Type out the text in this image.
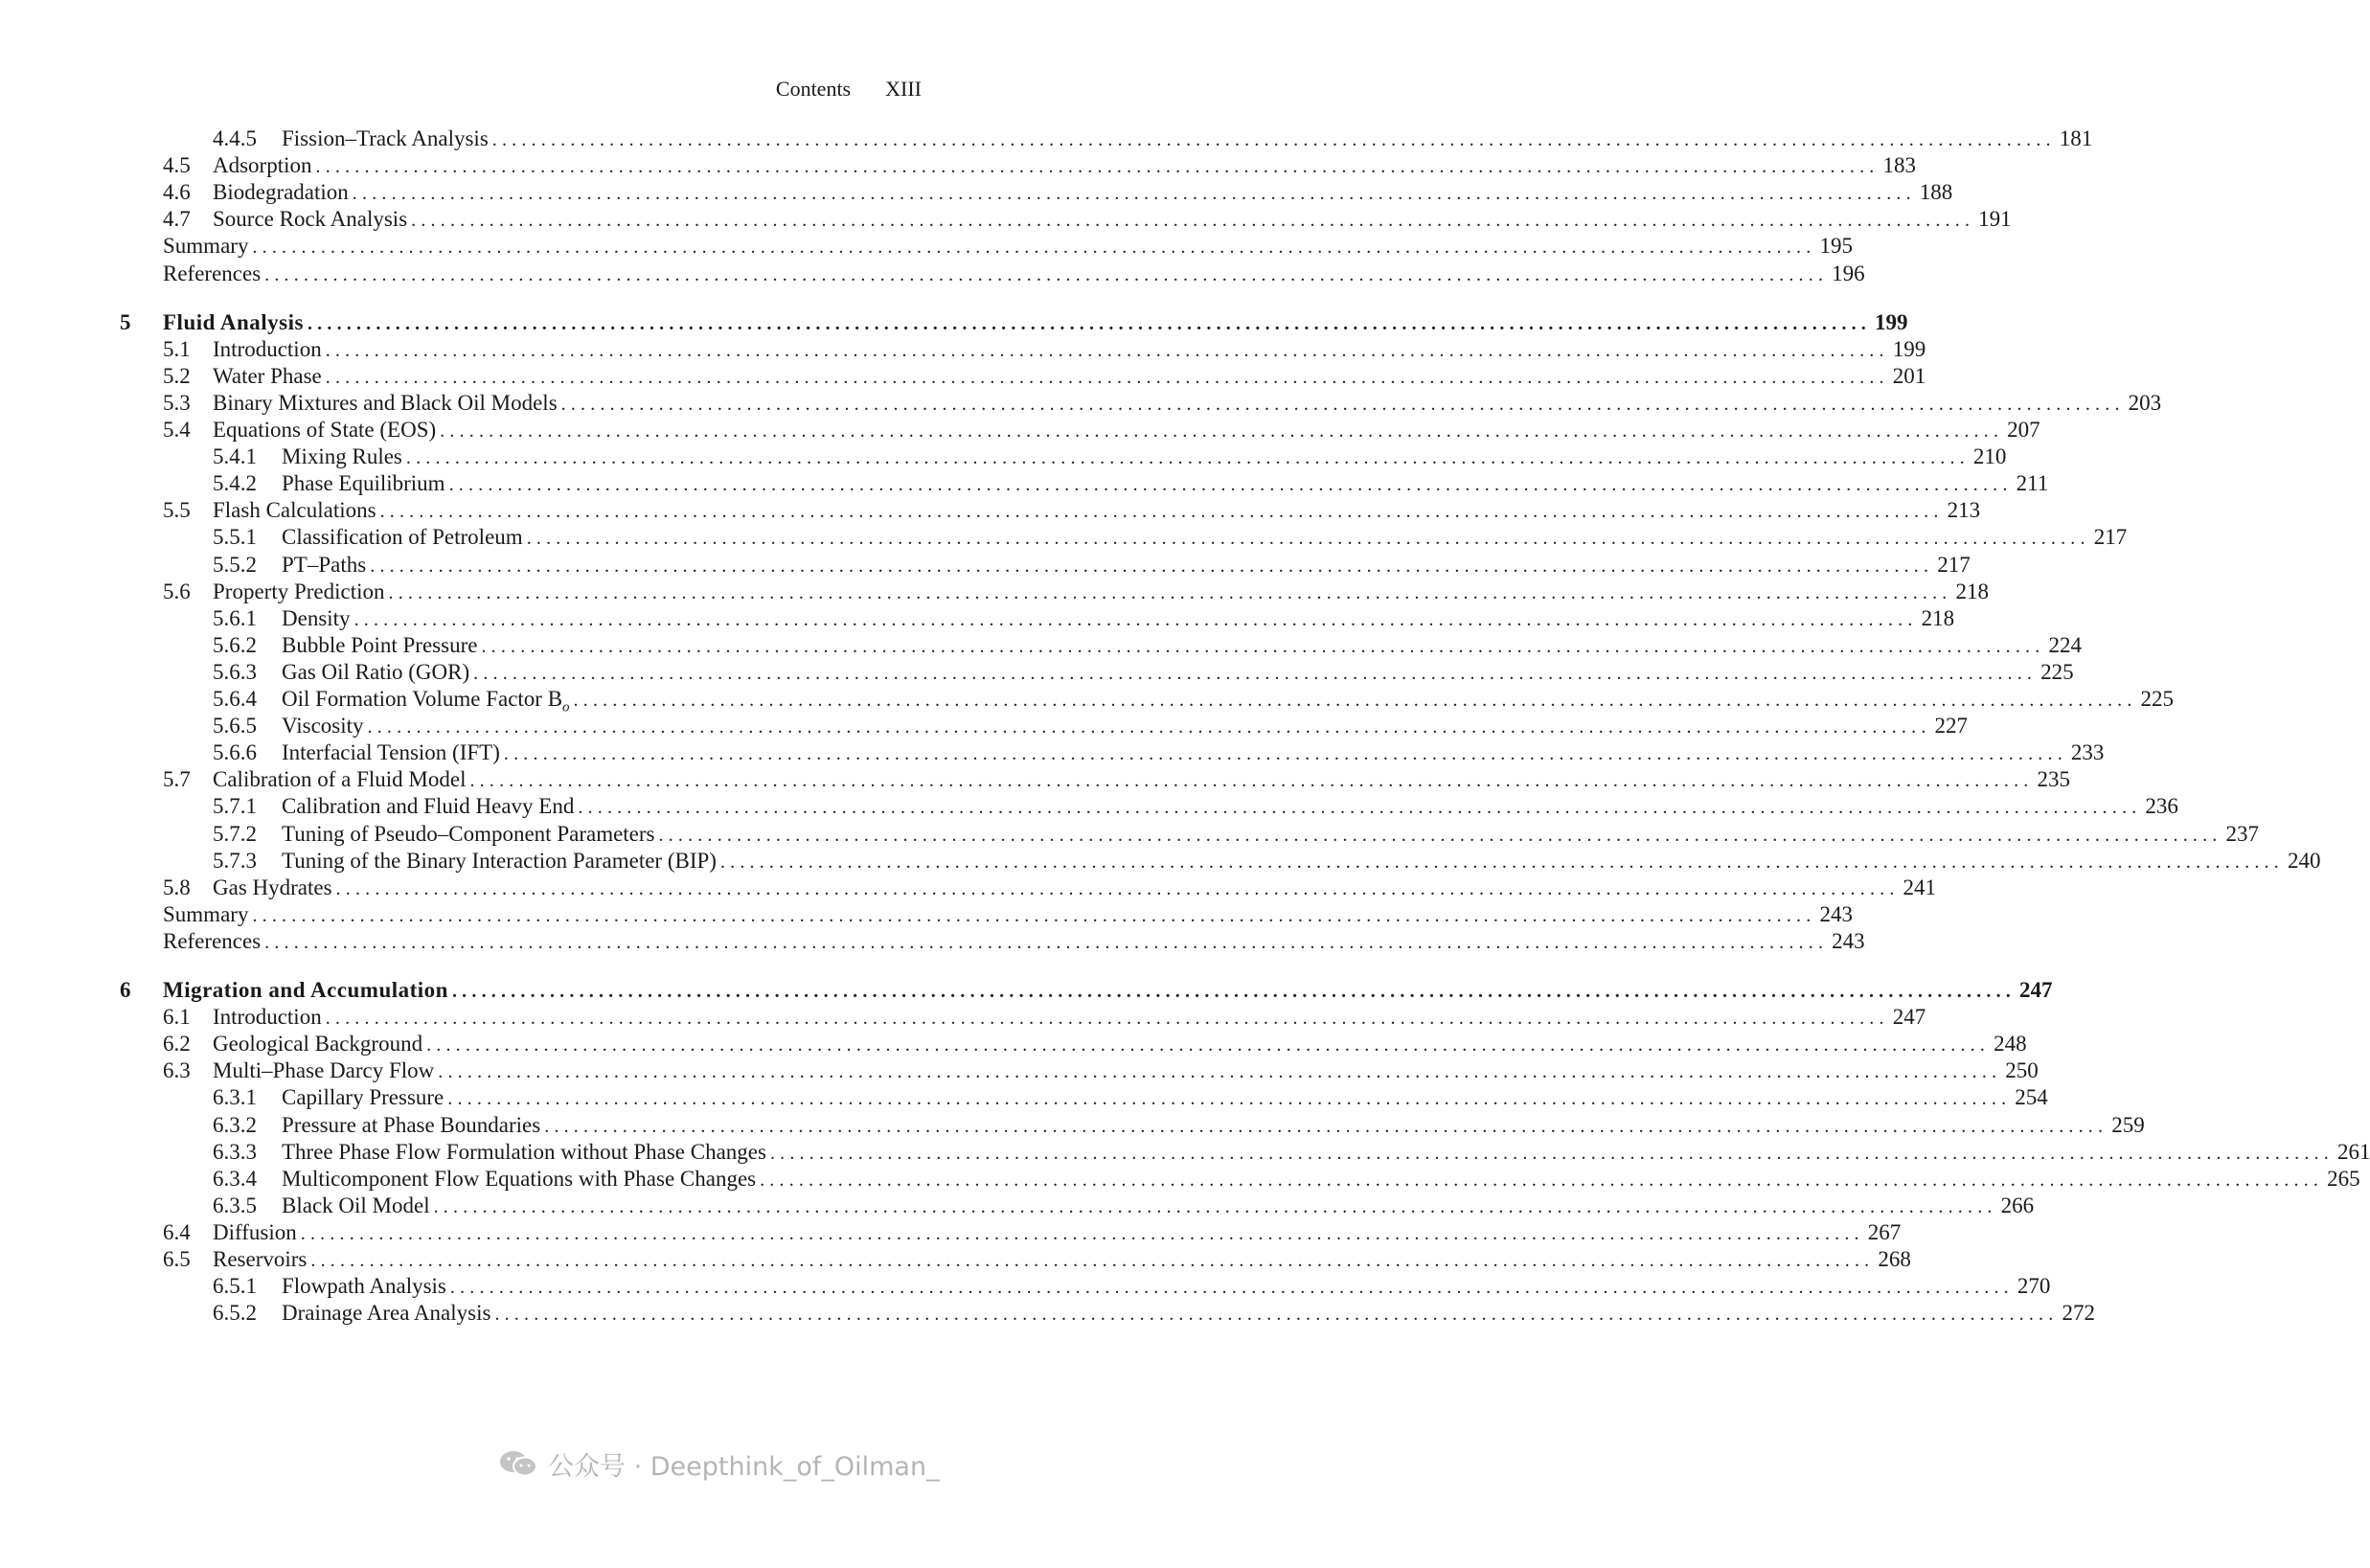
Contents XIII
4.4.5	Fission–Track Analysis ................................................................................................................................................................ 181
4.5	Adsorption ................................................................................................................................................................ 183
4.6	Biodegradation ................................................................................................................................................................ 188
4.7	Source Rock Analysis ................................................................................................................................................................ 191
Summary ................................................................................................................................................................ 195
References ................................................................................................................................................................ 196
5	Fluid Analysis ................................................................................................................................................................ 199
5.1	Introduction ................................................................................................................................................................ 199
5.2	Water Phase ................................................................................................................................................................ 201
5.3	Binary Mixtures and Black Oil Models ................................................................................................................................................................ 203
5.4	Equations of State (EOS) ................................................................................................................................................................ 207
5.4.1	Mixing Rules ................................................................................................................................................................ 210
5.4.2	Phase Equilibrium ................................................................................................................................................................ 211
5.5	Flash Calculations ................................................................................................................................................................ 213
5.5.1	Classification of Petroleum ................................................................................................................................................................ 217
5.5.2	PT–Paths ................................................................................................................................................................ 217
5.6	Property Prediction ................................................................................................................................................................ 218
5.6.1	Density ................................................................................................................................................................ 218
5.6.2	Bubble Point Pressure ................................................................................................................................................................ 224
5.6.3	Gas Oil Ratio (GOR) ................................................................................................................................................................ 225
5.6.4	Oil Formation Volume Factor $B_o$ ................................................................................................................................................................ 225
5.6.5	Viscosity ................................................................................................................................................................ 227
5.6.6	Interfacial Tension (IFT) ................................................................................................................................................................ 233
5.7	Calibration of a Fluid Model ................................................................................................................................................................ 235
5.7.1	Calibration and Fluid Heavy End ................................................................................................................................................................ 236
5.7.2	Tuning of Pseudo–Component Parameters ................................................................................................................................................................ 237
5.7.3	Tuning of the Binary Interaction Parameter (BIP) ................................................................................................................................................................ 240
5.8	Gas Hydrates ................................................................................................................................................................ 241
Summary ................................................................................................................................................................ 243
References ................................................................................................................................................................ 243
6	Migration and Accumulation ................................................................................................................................................................ 247
6.1	Introduction ................................................................................................................................................................ 247
6.2	Geological Background ................................................................................................................................................................ 248
6.3	Multi–Phase Darcy Flow ................................................................................................................................................................ 250
6.3.1	Capillary Pressure ................................................................................................................................................................ 254
6.3.2	Pressure at Phase Boundaries ................................................................................................................................................................ 259
6.3.3	Three Phase Flow Formulation without Phase Changes ................................................................................................................................................................ 261
6.3.4	Multicomponent Flow Equations with Phase Changes ................................................................................................................................................................ 265
6.3.5	Black Oil Model ................................................................................................................................................................ 266
6.4	Diffusion ................................................................................................................................................................ 267
6.5	Reservoirs ................................................................................................................................................................ 268
6.5.1	Flowpath Analysis ................................................................................................................................................................ 270
6.5.2	Drainage Area Analysis ................................................................................................................................................................ 272
公众号 · Deepthink_of_Oilman_
